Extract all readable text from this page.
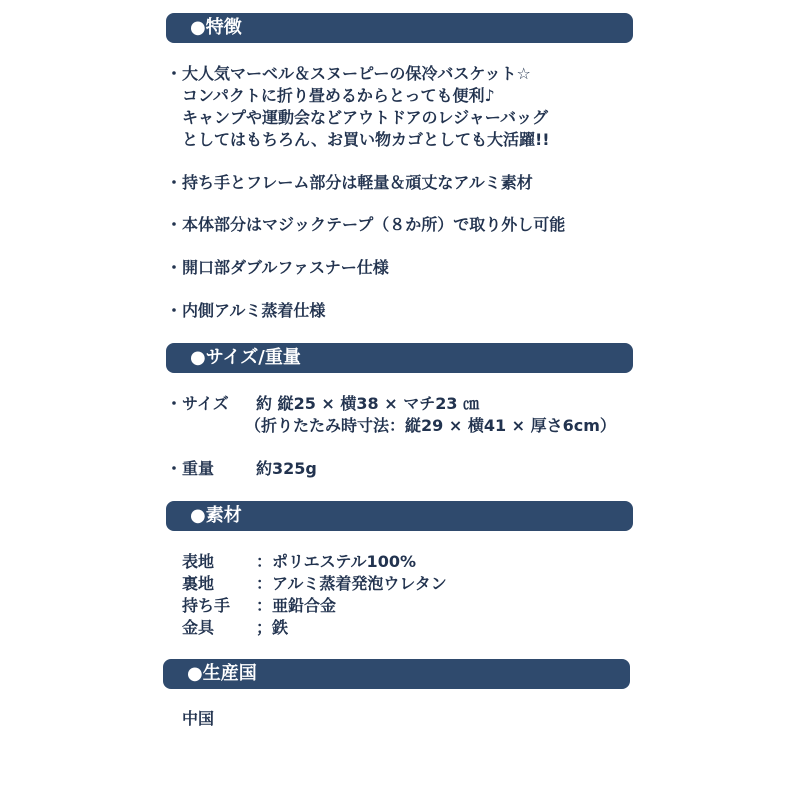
●特徴
・ 大人気マーベル＆スヌーピーの保冷バスケット☆
コンパクトに折り畳めるからとっても便利♪
キャンプや運動会などアウトドアのレジャーバッグ
としてはもちろん、お買い物カゴとしても大活躍!!
・ 持ち手とフレーム部分は軽量＆頑丈なアルミ素材
・ 本体部分はマジックテープ（８か所）で取り外し可能
・ 開口部ダブルファスナー仕様
・ 内側アルミ蒸着仕様
●サイズ/重量
・ サイズ 約 縦25 × 横38 × マチ23 ㎝
（折りたたみ時寸法：縦29 × 横41 × 厚さ6cm）
・ 重量	約325g
●素材
表地	：ポリエステル100%
裏地	：アルミ蒸着発泡ウレタン
持ち手 ：亜鉛合金
金具	；鉄
●生産国
中国
